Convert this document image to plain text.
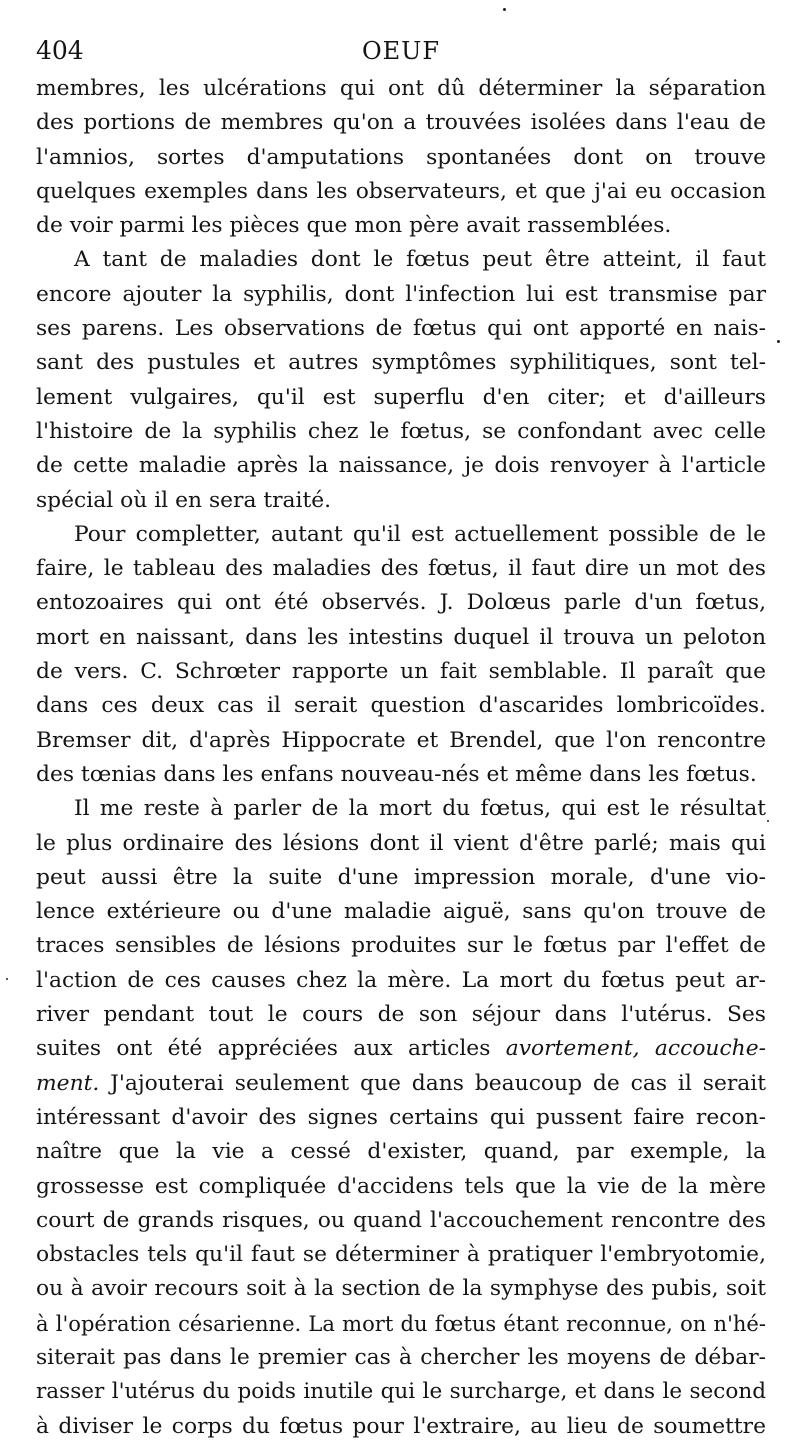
404	OEUF
membres, les ulcérations qui ont dû déterminer la séparation
des portions de membres qu'on a trouvées isolées dans l'eau de
l'amnios, sortes d'amputations spontanées dont on trouve
quelques exemples dans les observateurs, et que j'ai eu occasion
de voir parmi les pièces que mon père avait rassemblées.
A tant de maladies dont le fœtus peut être atteint, il faut
encore ajouter la syphilis, dont l'infection lui est transmise par
ses parens. Les observations de fœtus qui ont apporté en nais-
sant des pustules et autres symptômes syphilitiques, sont tel-
lement vulgaires, qu'il est superflu d'en citer; et d'ailleurs
l'histoire de la syphilis chez le fœtus, se confondant avec celle
de cette maladie après la naissance, je dois renvoyer à l'article
spécial où il en sera traité.
Pour completter, autant qu'il est actuellement possible de le
faire, le tableau des maladies des fœtus, il faut dire un mot des
entozoaires qui ont été observés. J. Dolœus parle d'un fœtus,
mort en naissant, dans les intestins duquel il trouva un peloton
de vers. C. Schrœter rapporte un fait semblable. Il paraît que
dans ces deux cas il serait question d'ascarides lombricoïdes.
Bremser dit, d'après Hippocrate et Brendel, que l'on rencontre
des tœnias dans les enfans nouveau-nés et même dans les fœtus.
Il me reste à parler de la mort du fœtus, qui est le résultat
le plus ordinaire des lésions dont il vient d'être parlé; mais qui
peut aussi être la suite d'une impression morale, d'une vio-
lence extérieure ou d'une maladie aiguë, sans qu'on trouve de
traces sensibles de lésions produites sur le fœtus par l'effet de
l'action de ces causes chez la mère. La mort du fœtus peut ar-
river pendant tout le cours de son séjour dans l'utérus. Ses
suites ont été appréciées aux articles avortement, accouche-
ment. J'ajouterai seulement que dans beaucoup de cas il serait
intéressant d'avoir des signes certains qui pussent faire recon-
naître que la vie a cessé d'exister, quand, par exemple, la
grossesse est compliquée d'accidens tels que la vie de la mère
court de grands risques, ou quand l'accouchement rencontre des
obstacles tels qu'il faut se déterminer à pratiquer l'embryotomie,
ou à avoir recours soit à la section de la symphyse des pubis, soit
à l'opération césarienne. La mort du fœtus étant reconnue, on n'hé-
siterait pas dans le premier cas à chercher les moyens de débar-
rasser l'utérus du poids inutile qui le surcharge, et dans le second
à diviser le corps du fœtus pour l'extraire, au lieu de soumettre
